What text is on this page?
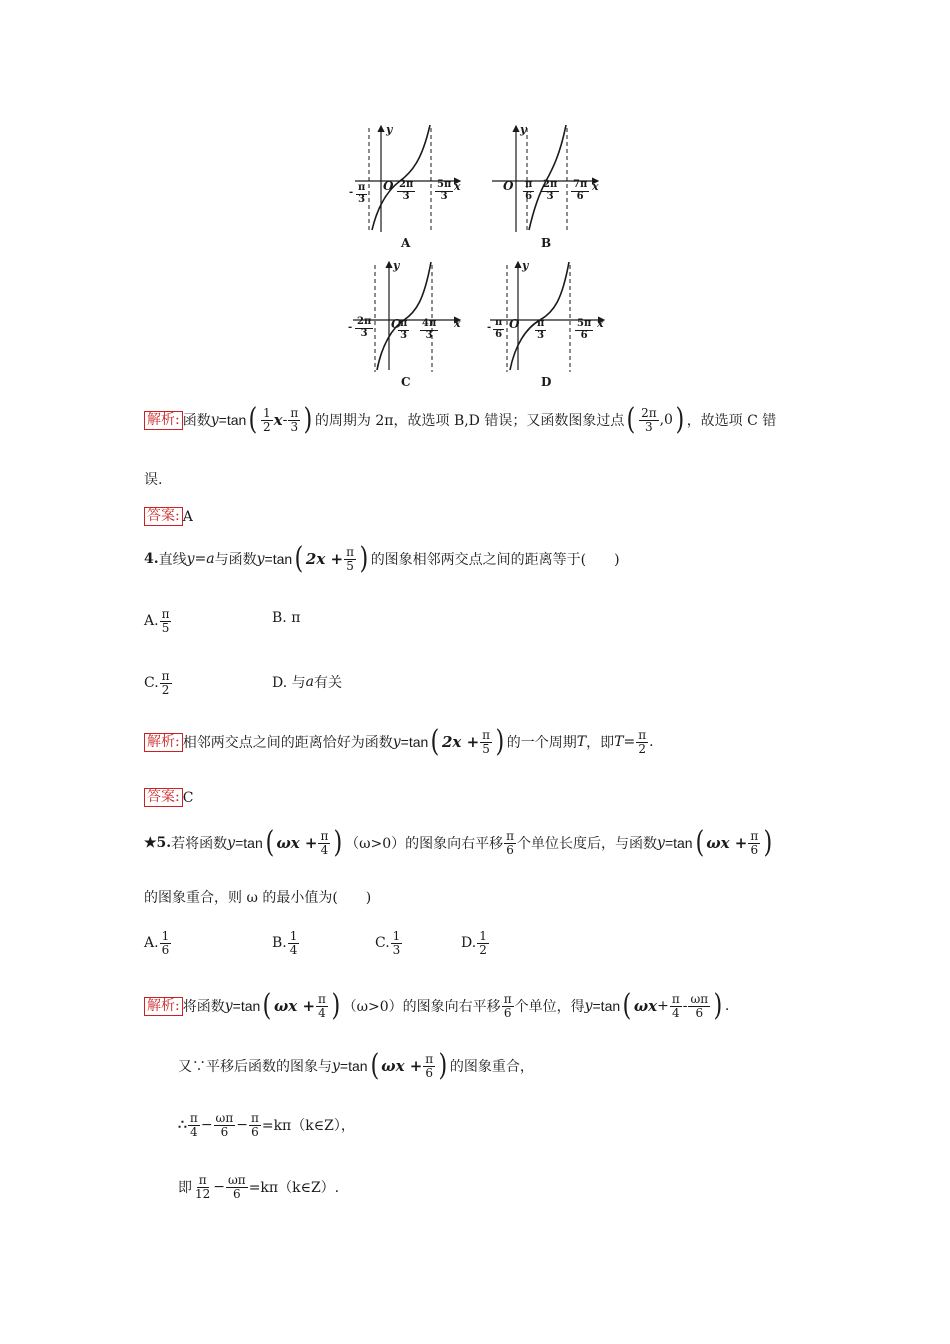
y
x
O
- $\frac{\pi}{3}$	$\frac{2\pi}{3} \frac{5\pi}{3}$
A
y
x
O $\frac{\pi}{6} \frac{2\pi}{3} \frac{7\pi}{6}$
B
y
x
O
- $\frac{2\pi}{3} \frac{\pi}{3} \frac{4\pi}{3}$
C
y
x
O
- $\frac{\pi}{6}$	$\frac{\pi}{3}$	$\frac{5\pi}{6}$
D
解析: 函数 y =tan ( $\frac{1}{2}$ x - $\frac{\pi}{3}$ ) 的周期为 2π，故选项 B,D 错误；又函数图象过点 ( $\frac{2\pi}{3} ,0$ ) ，故选项 C 错
误.
答案: A
4. 直线 y =a 与函数 y =tan ( $2x + \frac{\pi}{5}$ ) 的图象相邻两交点之间的距离等于(　　)
A. $\frac{\pi}{5}$	B. π
C. $\frac{\pi}{2}$	D. 与 a 有关
解析: 相邻两交点之间的距离恰好为函数 y =tan ( $2x + \frac{\pi}{5}$ ) 的一个周期 T ，即 $T = \frac{\pi}{2}$ .
答案: C
★5. 若将函数 y =tan ( $\omega x + \frac{\pi}{4}$ ) （ω>0）的图象向右平移 $\frac{\pi}{6}$ 个单位长度后，与函数 y =tan ( $\omega x + \frac{\pi}{6}$ )
的图象重合，则 ω 的最小值为(　　)
A. $\frac{1}{6}$	B. $\frac{1}{4}$	C. $\frac{1}{3}$	D. $\frac{1}{2}$
解析: 将函数 y =tan ( $\omega x + \frac{\pi}{4}$ ) （ω>0）的图象向右平移 $\frac{\pi}{6}$ 个单位，得 y =tan ( $\omega x + \frac{\pi}{4} - \frac{\omega\pi}{6}$ ) .
又∵平移后函数的图象与 y =tan ( $\omega x + \frac{\pi}{6}$ ) 的图象重合，
∴ $\frac{\pi}{4} - \frac{\omega\pi}{6} - \frac{\pi}{6}$ =kπ（k∈Z），
即 $\frac{\pi}{12} - \frac{\omega\pi}{6}$ =kπ（k∈Z）.
